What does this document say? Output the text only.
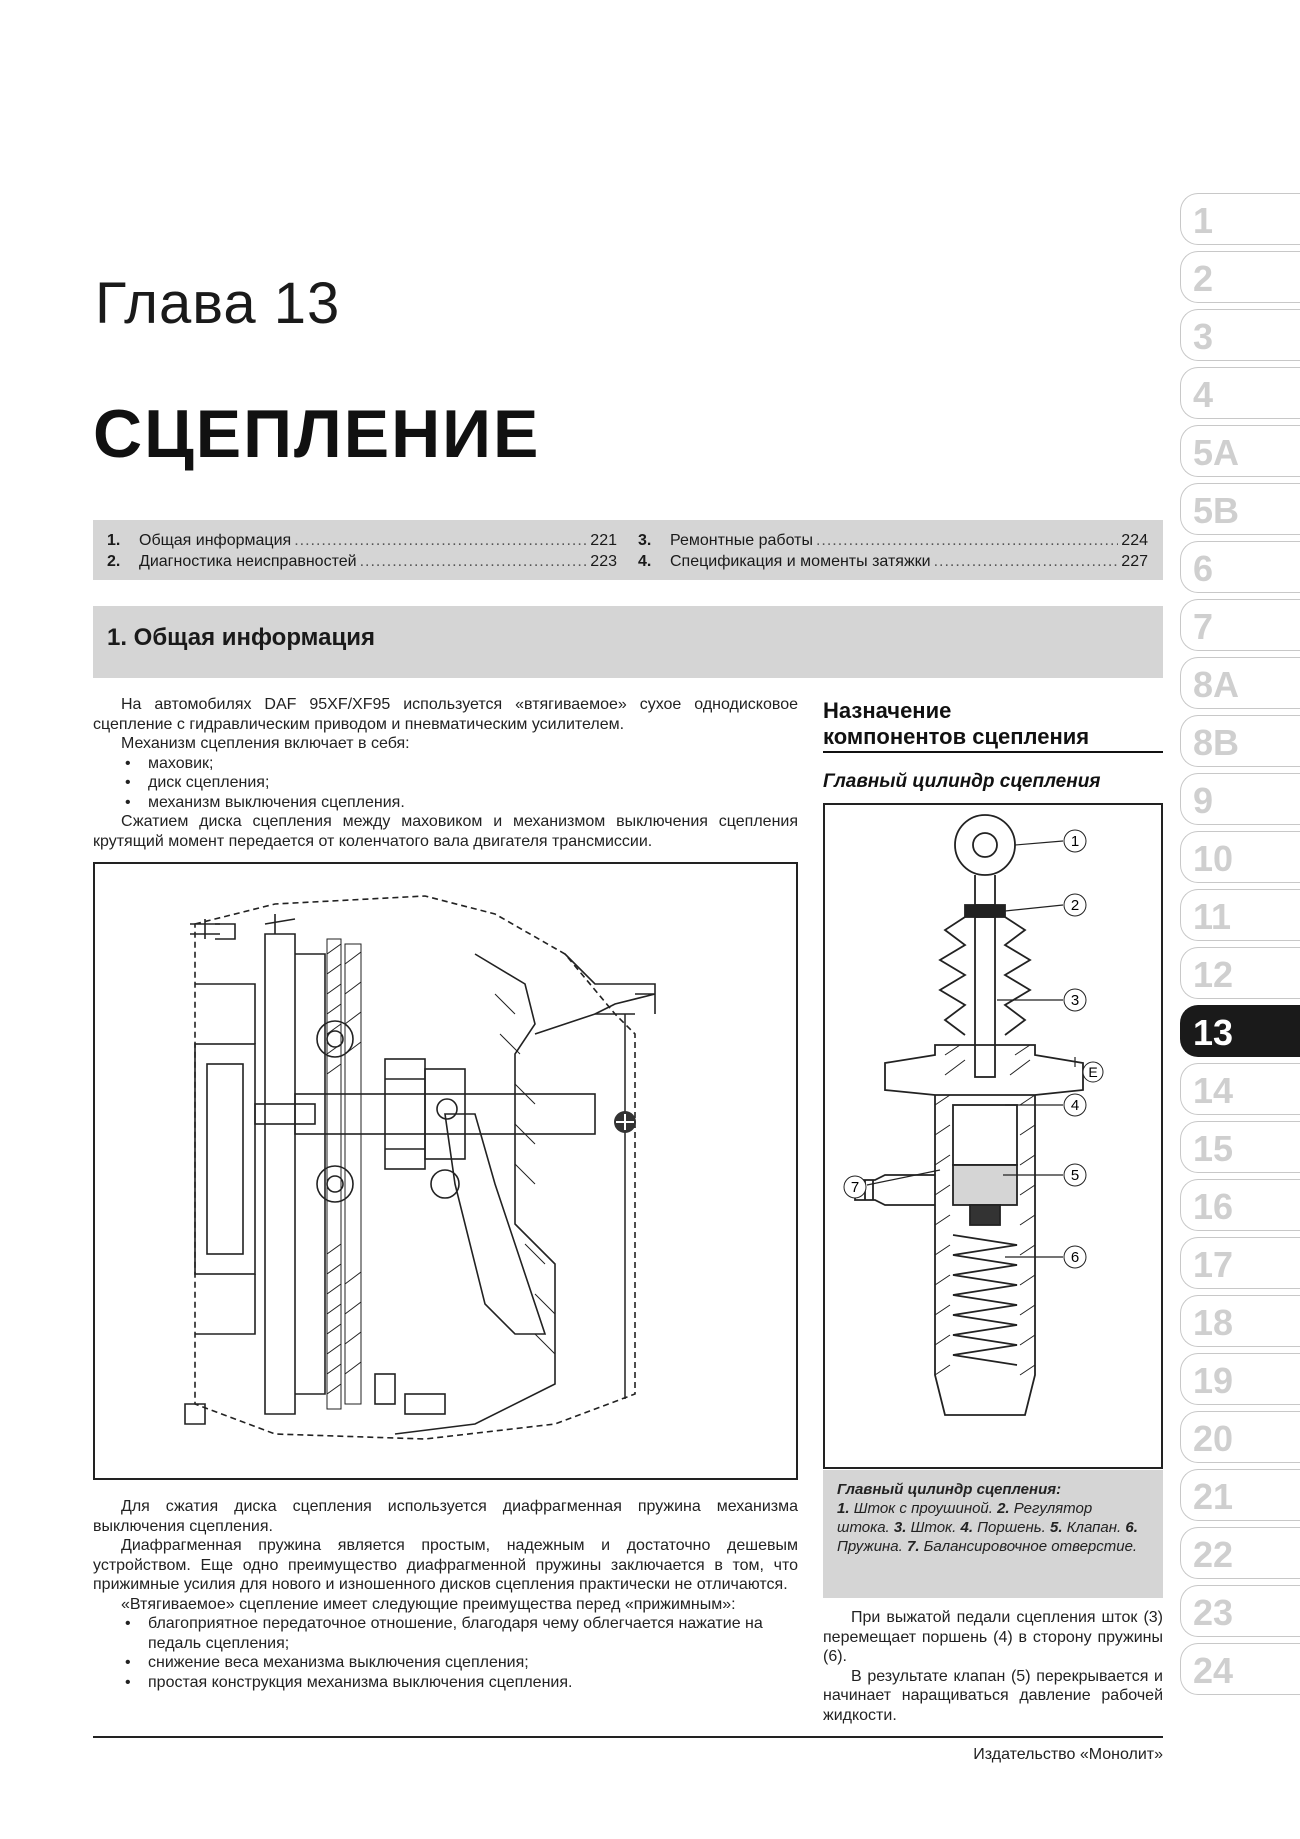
Глава 13
СЦЕПЛЕНИЕ
1.	Общая информация .....	221
2.	Диагностика неисправностей .....	223
3.	Ремонтные работы .....	224
4.	Спецификация и моменты затяжки .....	227
1. Общая информация
На автомобилях DAF 95XF/XF95 используется «втягиваемое» сухое однодисковое сцепление с гидравлическим приводом и пневматическим усилителем.
Механизм сцепления включает в себя:
• маховик;
• диск сцепления;
• механизм выключения сцепления.
Сжатием диска сцепления между маховиком и механизмом выключения сцепления крутящий момент передается от коленчатого вала двигателя трансмиссии.
Для сжатия диска сцепления используется диафрагменная пружина механизма выключения сцепления.
Диафрагменная пружина является простым, надежным и достаточно дешевым устройством. Еще одно преимущество диафрагменной пружины заключается в том, что прижимные усилия для нового и изношенного дисков сцепления практически не отличаются.
«Втягиваемое» сцепление имеет следующие преимущества перед «прижимным»:
• благоприятное передаточное отношение, благодаря чему облегчается нажатие на педаль сцепления;
• снижение веса механизма выключения сцепления;
• простая конструкция механизма выключения сцепления.
Назначение
компонентов сцепления
Главный цилиндр сцепления
1
2
3
4
5
6
7
E
Главный цилиндр сцепления:
1. Шток с проушиной. 2. Регулятор штока. 3. Шток. 4. Поршень. 5. Клапан. 6. Пружина. 7. Балансировочное отверстие.
При выжатой педали сцепления шток (3) перемещает поршень (4) в сторону пружины (6).
В результате клапан (5) перекрывается и начинает наращиваться давление рабочей жидкости.
Издательство «Монолит»
1
2
3
4
5A
5B
6
7
8A
8B
9
10
11
12
13
14
15
16
17
18
19
20
21
22
23
24
